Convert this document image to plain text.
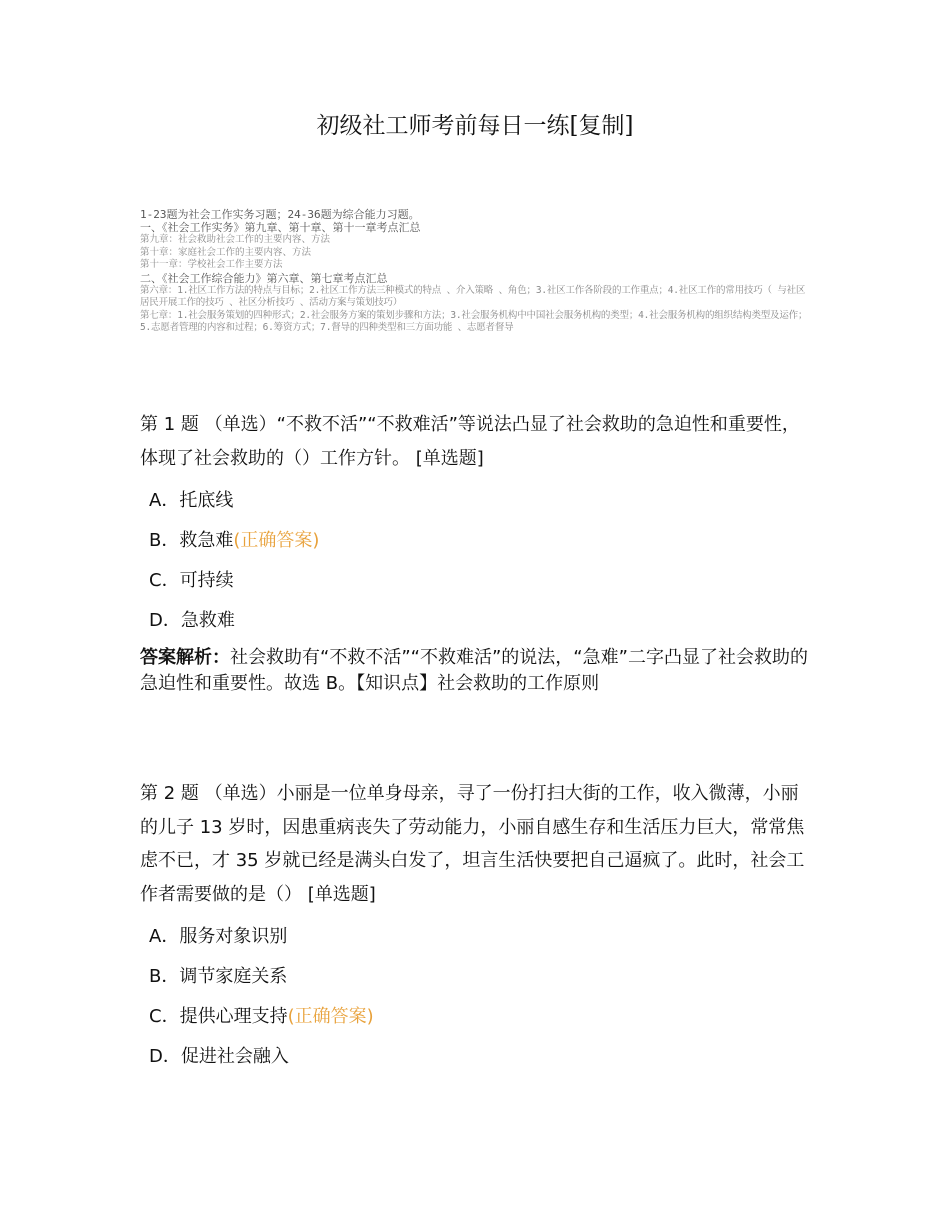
初级社工师考前每日一练[复制]
1-23题为社会工作实务习题；24-36题为综合能力习题。
一、《社会工作实务》第九章、第十章、第十一章考点汇总
第九章：社会救助社会工作的主要内容、方法
第十章：家庭社会工作的主要内容、方法
第十一章：学校社会工作主要方法
二、《社会工作综合能力》第六章、第七章考点汇总
第六章：1.社区工作方法的特点与目标；2.社区工作方法三种模式的特点 、介入策略 、角色；3.社区工作各阶段的工作重点；4.社区工作的常用技巧（ 与社区居民开展工作的技巧 、社区分析技巧 、活动方案与策划技巧）
第七章：1.社会服务策划的四种形式；2.社会服务方案的策划步骤和方法；3.社会服务机构中中国社会服务机构的类型；4.社会服务机构的组织结构类型及运作；5.志愿者管理的内容和过程；6.筹资方式；7.督导的四种类型和三方面功能 、志愿者督导

第 1 题 （单选）“不救不活”“不救难活”等说法凸显了社会救助的急迫性和重要性，体现了社会救助的（）工作方针。 [单选题]

A．托底线
B．救急难(正确答案)
C．可持续
D．急救难
答案解析：社会救助有“不救不活”“不救难活”的说法，“急难”二字凸显了社会救助的急迫性和重要性。故选 B。【知识点】社会救助的工作原则

第 2 题 （单选）小丽是一位单身母亲，寻了一份打扫大街的工作，收入微薄，小丽的儿子 13 岁时，因患重病丧失了劳动能力，小丽自感生存和生活压力巨大，常常焦虑不已，才 35 岁就已经是满头白发了，坦言生活快要把自己逼疯了。此时，社会工作者需要做的是（） [单选题]

A．服务对象识别
B．调节家庭关系
C．提供心理支持(正确答案)
D．促进社会融入
